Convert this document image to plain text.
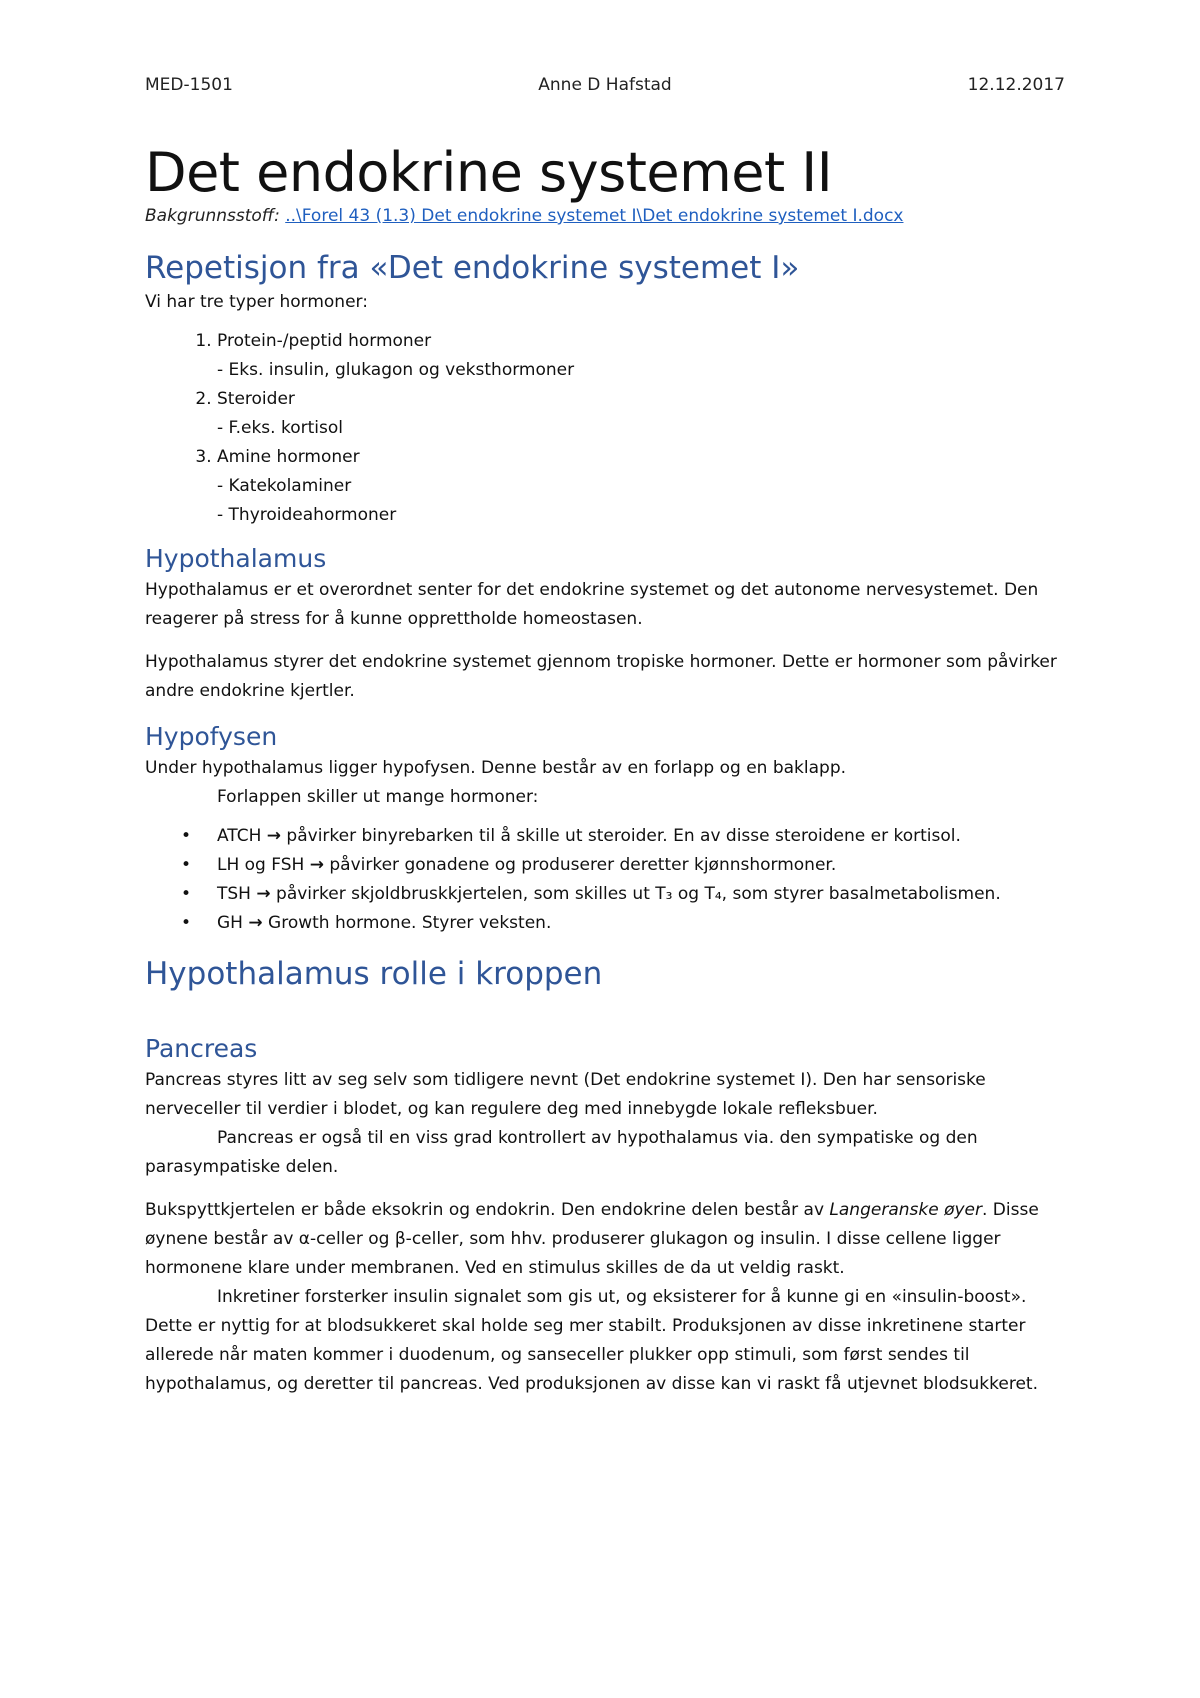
MED-1501	Anne D Hafstad	12.12.2017
Det endokrine systemet II
Bakgrunnsstoff: ..\Forel 43 (1.3) Det endokrine systemet I\Det endokrine systemet I.docx
Repetisjon fra «Det endokrine systemet I»

Vi har tre typer hormoner:

1. Protein-/peptid hormoner
- Eks. insulin, glukagon og veksthormoner
2. Steroider
- F.eks. kortisol
3. Amine hormoner
- Katekolaminer
- Thyroideahormoner
Hypothalamus

Hypothalamus er et overordnet senter for det endokrine systemet og det autonome nervesystemet. Den reagerer på stress for å kunne opprettholde homeostasen.

Hypothalamus styrer det endokrine systemet gjennom tropiske hormoner. Dette er hormoner som påvirker andre endokrine kjertler.

Hypofysen

Under hypothalamus ligger hypofysen. Denne består av en forlapp og en baklapp.

Forlappen skiller ut mange hormoner:

• ATCH → påvirker binyrebarken til å skille ut steroider. En av disse steroidene er kortisol.
• LH og FSH → påvirker gonadene og produserer deretter kjønnshormoner.
• TSH → påvirker skjoldbruskkjertelen, som skilles ut T₃ og T₄, som styrer basalmetabolismen.
• GH → Growth hormone. Styrer veksten.
Hypothalamus rolle i kroppen
Pancreas

Pancreas styres litt av seg selv som tidligere nevnt (Det endokrine systemet I). Den har sensoriske nerveceller til verdier i blodet, og kan regulere deg med innebygde lokale refleksbuer.

Pancreas er også til en viss grad kontrollert av hypothalamus via. den sympatiske og den parasympatiske delen.

Bukspyttkjertelen er både eksokrin og endokrin. Den endokrine delen består av Langeranske øyer. Disse øynene består av α-celler og β-celler, som hhv. produserer glukagon og insulin. I disse cellene ligger hormonene klare under membranen. Ved en stimulus skilles de da ut veldig raskt.

Inkretiner forsterker insulin signalet som gis ut, og eksisterer for å kunne gi en «insulin-boost». Dette er nyttig for at blodsukkeret skal holde seg mer stabilt. Produksjonen av disse inkretinene starter allerede når maten kommer i duodenum, og sanseceller plukker opp stimuli, som først sendes til hypothalamus, og deretter til pancreas. Ved produksjonen av disse kan vi raskt få utjevnet blodsukkeret.
